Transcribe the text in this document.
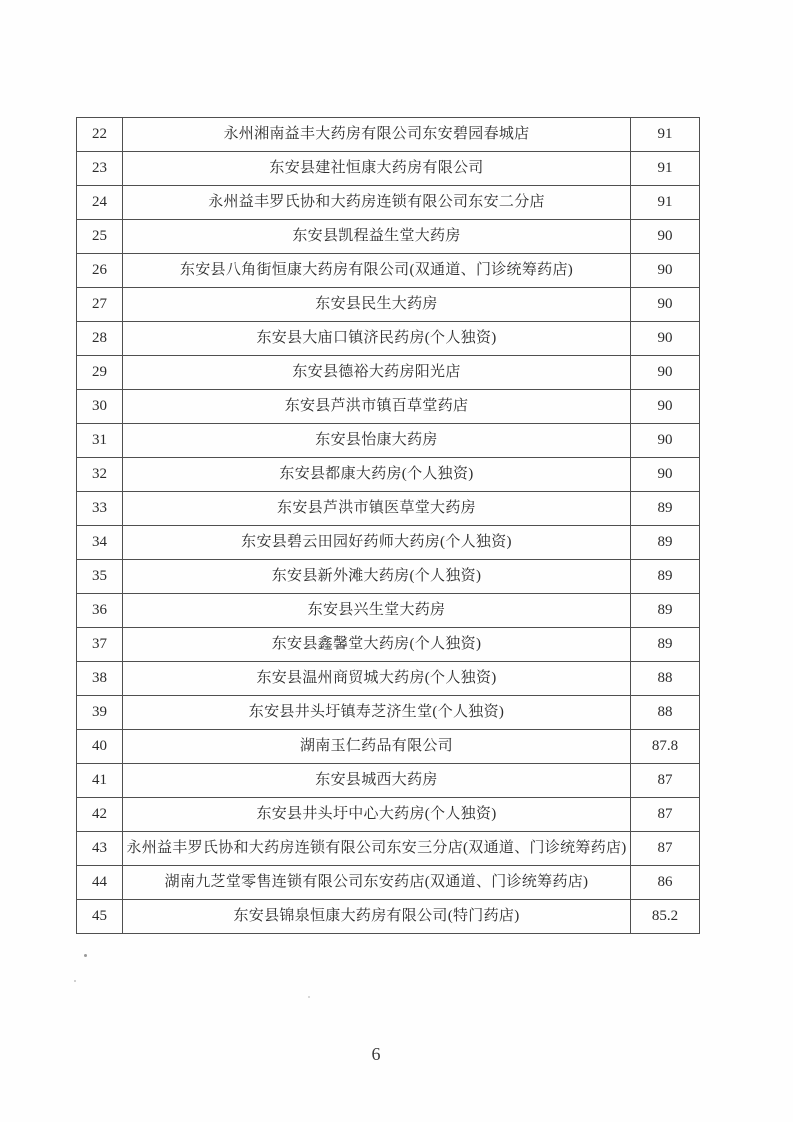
22	永州湘南益丰大药房有限公司东安碧园春城店	91
23	东安县建社恒康大药房有限公司	91
24	永州益丰罗氏协和大药房连锁有限公司东安二分店	91
25	东安县凯程益生堂大药房	90
26	东安县八角街恒康大药房有限公司(双通道、门诊统筹药店)	90
27	东安县民生大药房	90
28	东安县大庙口镇济民药房(个人独资)	90
29	东安县德裕大药房阳光店	90
30	东安县芦洪市镇百草堂药店	90
31	东安县怡康大药房	90
32	东安县都康大药房(个人独资)	90
33	东安县芦洪市镇医草堂大药房	89
34	东安县碧云田园好药师大药房(个人独资)	89
35	东安县新外滩大药房(个人独资)	89
36	东安县兴生堂大药房	89
37	东安县鑫馨堂大药房(个人独资)	89
38	东安县温州商贸城大药房(个人独资)	88
39	东安县井头圩镇寿芝济生堂(个人独资)	88
40	湖南玉仁药品有限公司	87.8
41	东安县城西大药房	87
42	东安县井头圩中心大药房(个人独资)	87
43	永州益丰罗氏协和大药房连锁有限公司东安三分店(双通道、门诊统筹药店)	87
44	湖南九芝堂零售连锁有限公司东安药店(双通道、门诊统筹药店)	86
45	东安县锦泉恒康大药房有限公司(特门药店)	85.2
6
